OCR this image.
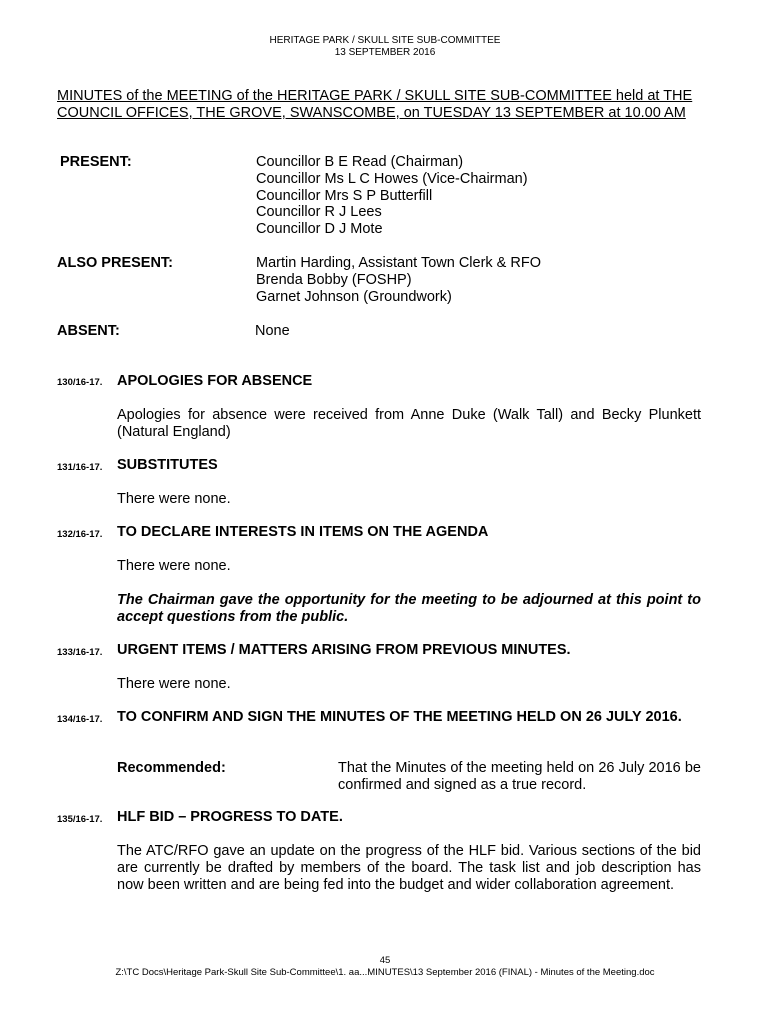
HERITAGE PARK / SKULL SITE SUB-COMMITTEE
13 SEPTEMBER 2016
MINUTES of the MEETING of the HERITAGE PARK / SKULL SITE SUB-COMMITTEE held at THE COUNCIL OFFICES, THE GROVE, SWANSCOMBE, on TUESDAY 13 SEPTEMBER at 10.00 AM
PRESENT:	Councillor B E Read (Chairman)
Councillor Ms L C Howes (Vice-Chairman)
Councillor Mrs S P Butterfill
Councillor R J Lees
Councillor D J Mote
ALSO PRESENT:	Martin Harding, Assistant Town Clerk & RFO
Brenda Bobby (FOSHP)
Garnet Johnson (Groundwork)
ABSENT:	None
130/16-17. APOLOGIES FOR ABSENCE
Apologies for absence were received from Anne Duke (Walk Tall) and Becky Plunkett (Natural England)
131/16-17. SUBSTITUTES
There were none.
132/16-17. TO DECLARE INTERESTS IN ITEMS ON THE AGENDA
There were none.
The Chairman gave the opportunity for the meeting to be adjourned at this point to accept questions from the public.
133/16-17. URGENT ITEMS / MATTERS ARISING FROM PREVIOUS MINUTES.
There were none.
134/16-17. TO CONFIRM AND SIGN THE MINUTES OF THE MEETING HELD ON 26 JULY 2016.
Recommended:	That the Minutes of the meeting held on 26 July 2016 be confirmed and signed as a true record.
135/16-17. HLF BID – PROGRESS TO DATE.
The ATC/RFO gave an update on the progress of the HLF bid. Various sections of the bid are currently be drafted by members of the board. The task list and job description has now been written and are being fed into the budget and wider collaboration agreement.
45
Z:\TC Docs\Heritage Park-Skull Site Sub-Committee\1. aa...MINUTES\13 September 2016 (FINAL) - Minutes of the Meeting.doc
